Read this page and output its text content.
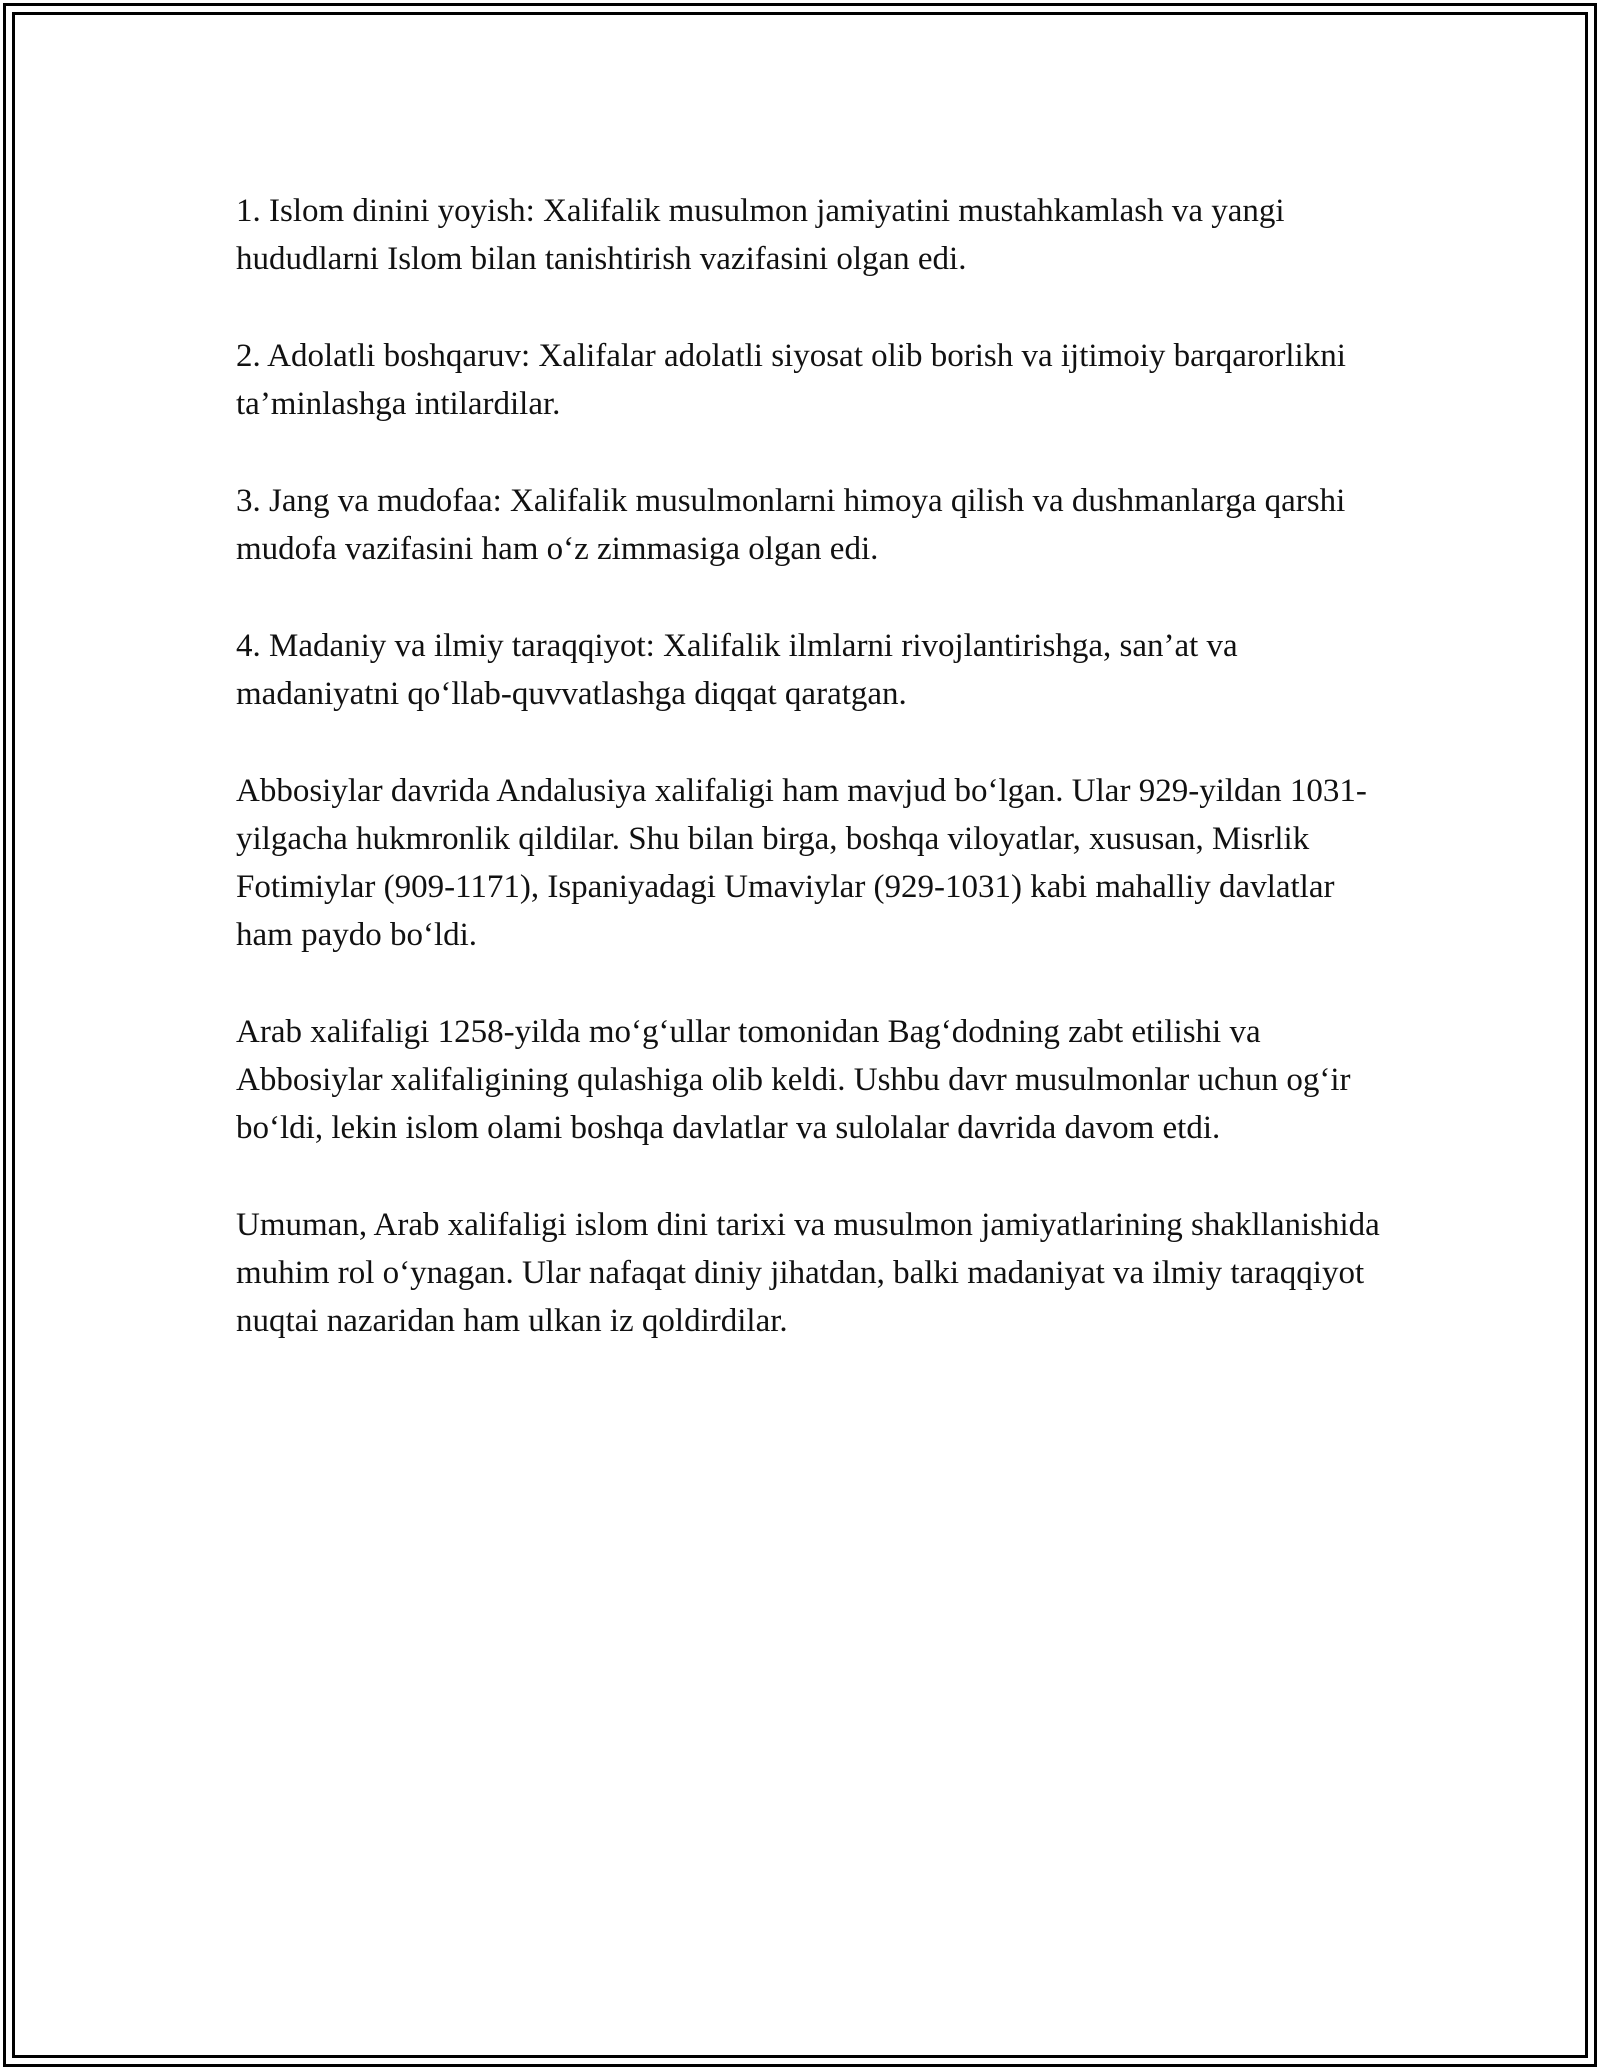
1. Islom dinini yoyish: Xalifalik musulmon jamiyatini mustahkamlash va yangi hududlarni Islom bilan tanishtirish vazifasini olgan edi.

2. Adolatli boshqaruv: Xalifalar adolatli siyosat olib borish va ijtimoiy barqarorlikni ta’minlashga intilardilar.

3. Jang va mudofaa: Xalifalik musulmonlarni himoya qilish va dushmanlarga qarshi mudofa vazifasini ham o‘z zimmasiga olgan edi.

4. Madaniy va ilmiy taraqqiyot: Xalifalik ilmlarni rivojlantirishga, san’at va madaniyatni qo‘llab-quvvatlashga diqqat qaratgan.

Abbosiylar davrida Andalusiya xalifaligi ham mavjud bo‘lgan. Ular 929-yildan 1031-yilgacha hukmronlik qildilar. Shu bilan birga, boshqa viloyatlar, xususan, Misrlik Fotimiylar (909-1171), Ispaniyadagi Umaviylar (929-1031) kabi mahalliy davlatlar ham paydo bo‘ldi.

Arab xalifaligi 1258-yilda mo‘g‘ullar tomonidan Bag‘dodning zabt etilishi va Abbosiylar xalifaligining qulashiga olib keldi. Ushbu davr musulmonlar uchun og‘ir bo‘ldi, lekin islom olami boshqa davlatlar va sulolalar davrida davom etdi.

Umuman, Arab xalifaligi islom dini tarixi va musulmon jamiyatlarining shakllanishida muhim rol o‘ynagan. Ular nafaqat diniy jihatdan, balki madaniyat va ilmiy taraqqiyot nuqtai nazaridan ham ulkan iz qoldirdilar.
